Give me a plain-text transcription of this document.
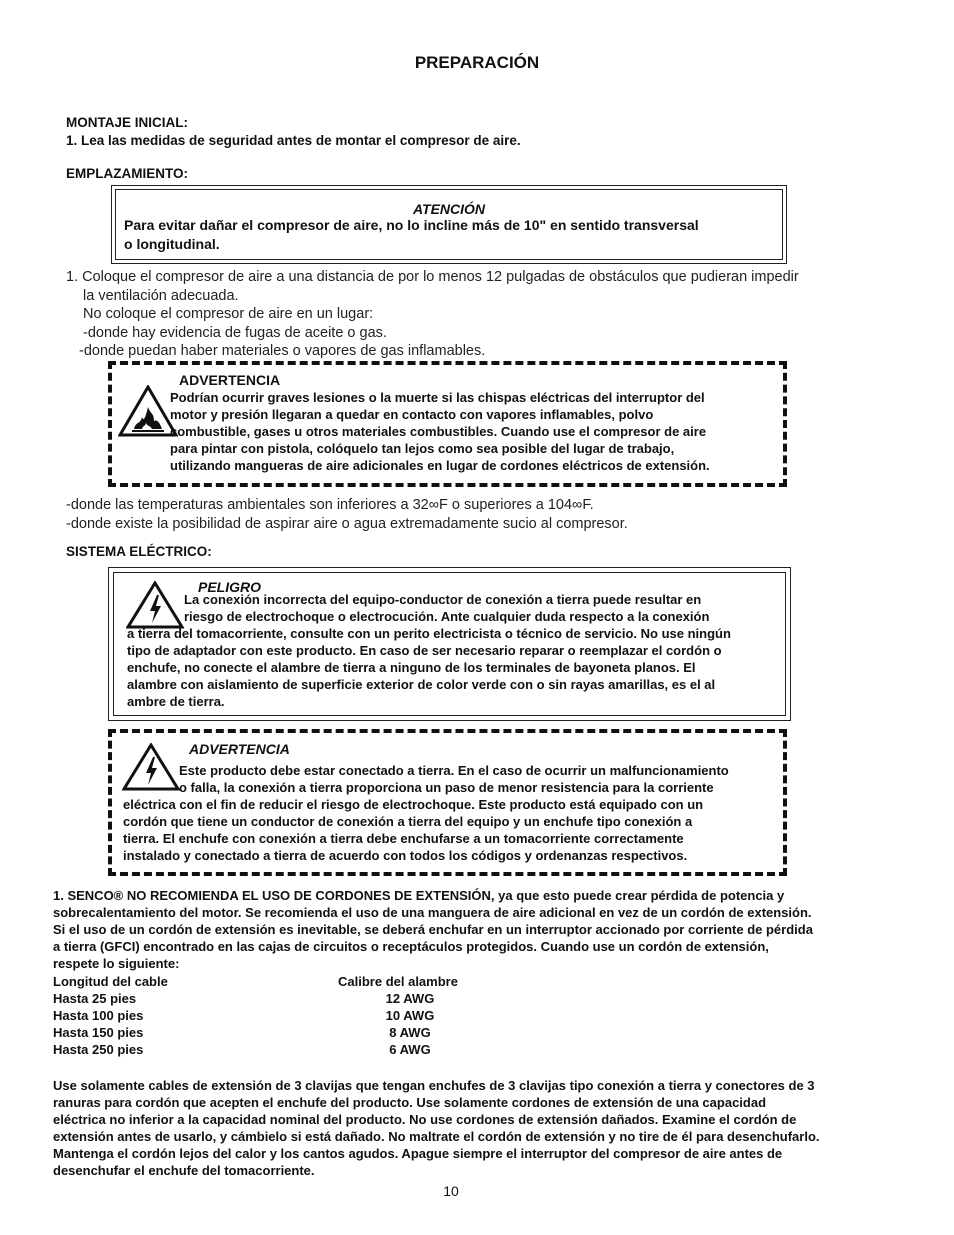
PREPARACIÓN
MONTAJE INICIAL:
1. Lea las medidas de seguridad antes de montar el compresor de aire.
EMPLAZAMIENTO:
ATENCIÓN
Para evitar dañar el compresor de aire, no lo incline más de 10" en sentido transversal
o longitudinal.
1. Coloque el compresor de aire a una distancia de por lo menos 12 pulgadas de obstáculos que pudieran impedir
la ventilación adecuada.
No coloque el compresor de aire en un lugar:
-donde hay evidencia de fugas de aceite o gas.
-donde puedan haber materiales o vapores de gas inflamables.
ADVERTENCIA
Podrían ocurrir graves lesiones o la muerte si las chispas eléctricas del interruptor del
motor y presión llegaran a quedar en contacto con vapores inflamables, polvo
combustible, gases u otros materiales combustibles. Cuando use el compresor de aire
para pintar con pistola, colóquelo tan lejos como sea posible del lugar de trabajo,
utilizando mangueras de aire adicionales en lugar de cordones eléctricos de extensión.
-donde las temperaturas ambientales son inferiores a 32∞F o superiores a 104∞F.
-donde existe la posibilidad de aspirar aire o agua extremadamente sucio al compresor.
SISTEMA ELÉCTRICO:
PELIGRO
La conexión incorrecta del equipo-conductor de conexión a tierra puede resultar en
riesgo de electrochoque o electrocución. Ante cualquier duda respecto a la conexión
a tierra del tomacorriente, consulte con un perito electricista o técnico de servicio. No use ningún
tipo de adaptador con este producto. En caso de ser necesario reparar o reemplazar el cordón o
enchufe, no conecte el alambre de tierra a ninguno de los terminales de bayoneta planos. El
alambre con aislamiento de superficie exterior de color verde con o sin rayas amarillas, es el al
ambre de tierra.
ADVERTENCIA
Este producto debe estar conectado a tierra. En el caso de ocurrir un malfuncionamiento
o falla, la conexión a tierra proporciona un paso de menor resistencia para la corriente
eléctrica con el fin de reducir el riesgo de electrochoque. Este producto está equipado con un
cordón que tiene un conductor de conexión a tierra del equipo y un enchufe tipo conexión a
tierra. El enchufe con conexión a tierra debe enchufarse a un tomacorriente correctamente
instalado y conectado a tierra de acuerdo con todos los códigos y ordenanzas respectivos.
1. SENCO® NO RECOMIENDA EL USO DE CORDONES DE EXTENSIÓN, ya que esto puede crear pérdida de potencia y
sobrecalentamiento del motor. Se recomienda el uso de una manguera de aire adicional en vez de un cordón de extensión.
Si el uso de un cordón de extensión es inevitable, se deberá enchufar en un interruptor accionado por corriente de pérdida
a tierra (GFCI) encontrado en las cajas de circuitos o receptáculos protegidos. Cuando use un cordón de extensión,
respete lo siguiente:
Longitud del cable	Calibre del alambre
Hasta 25 pies	12 AWG
Hasta 100 pies	10 AWG
Hasta 150 pies	8 AWG
Hasta 250 pies	6 AWG
Use solamente cables de extensión de 3 clavijas que tengan enchufes de 3 clavijas tipo conexión a tierra y conectores de 3
ranuras para cordón que acepten el enchufe del producto. Use solamente cordones de extensión de una capacidad
eléctrica no inferior a la capacidad nominal del producto. No use cordones de extensión dañados. Examine el cordón de
extensión antes de usarlo, y cámbielo si está dañado. No maltrate el cordón de extensión y no tire de él para desenchufarlo.
Mantenga el cordón lejos del calor y los cantos agudos. Apague siempre el interruptor del compresor de aire antes de
desenchufar el enchufe del tomacorriente.
10
